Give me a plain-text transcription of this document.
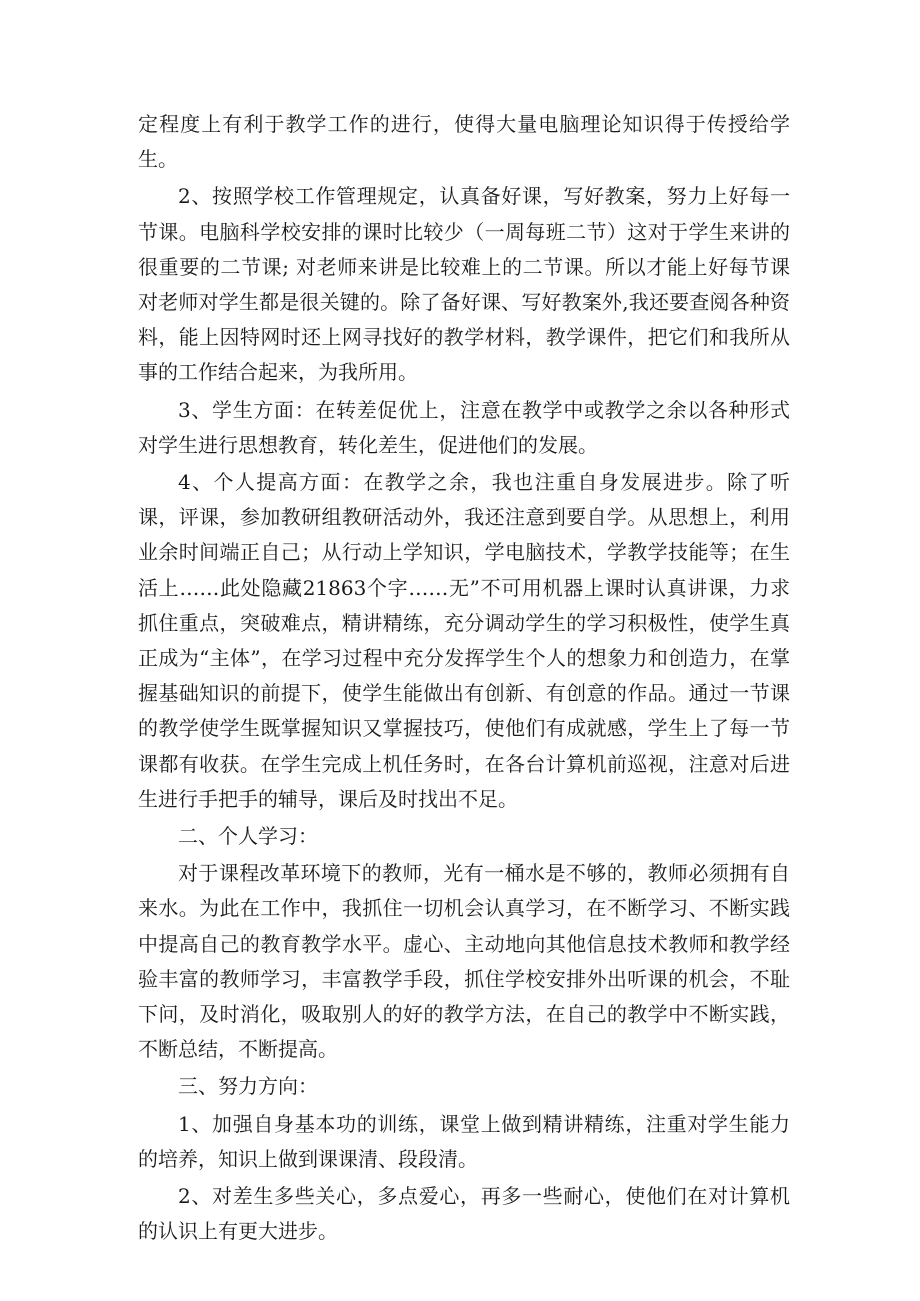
定程度上有利于教学工作的进行，使得大量电脑理论知识得于传授给学生。

2、按照学校工作管理规定，认真备好课，写好教案，努力上好每一节课。电脑科学校安排的课时比较少（一周每班二节）这对于学生来讲的很重要的二节课; 对老师来讲是比较难上的二节课。所以才能上好每节课对老师对学生都是很关键的。除了备好课、写好教案外,我还要查阅各种资料，能上因特网时还上网寻找好的教学材料，教学课件，把它们和我所从事的工作结合起来，为我所用。

3、学生方面：在转差促优上，注意在教学中或教学之余以各种形式对学生进行思想教育，转化差生，促进他们的发展。

4、个人提高方面：在教学之余，我也注重自身发展进步。除了听课，评课，参加教研组教研活动外，我还注意到要自学。从思想上，利用业余时间端正自己；从行动上学知识，学电脑技术，学教学技能等；在生活上……此处隐藏21863个字……无”不可用机器上课时认真讲课，力求抓住重点，突破难点，精讲精练，充分调动学生的学习积极性，使学生真正成为“主体”，在学习过程中充分发挥学生个人的想象力和创造力，在掌握基础知识的前提下，使学生能做出有创新、有创意的作品。通过一节课的教学使学生既掌握知识又掌握技巧，使他们有成就感，学生上了每一节课都有收获。在学生完成上机任务时，在各台计算机前巡视，注意对后进生进行手把手的辅导，课后及时找出不足。

二、个人学习：

对于课程改革环境下的教师，光有一桶水是不够的，教师必须拥有自来水。为此在工作中，我抓住一切机会认真学习，在不断学习、不断实践中提高自己的教育教学水平。虚心、主动地向其他信息技术教师和教学经验丰富的教师学习，丰富教学手段，抓住学校安排外出听课的机会，不耻下问，及时消化，吸取别人的好的教学方法，在自己的教学中不断实践，不断总结，不断提高。

三、努力方向：

1、加强自身基本功的训练，课堂上做到精讲精练，注重对学生能力的培养，知识上做到课课清、段段清。

2、对差生多些关心，多点爱心，再多一些耐心，使他们在对计算机的认识上有更大进步。
